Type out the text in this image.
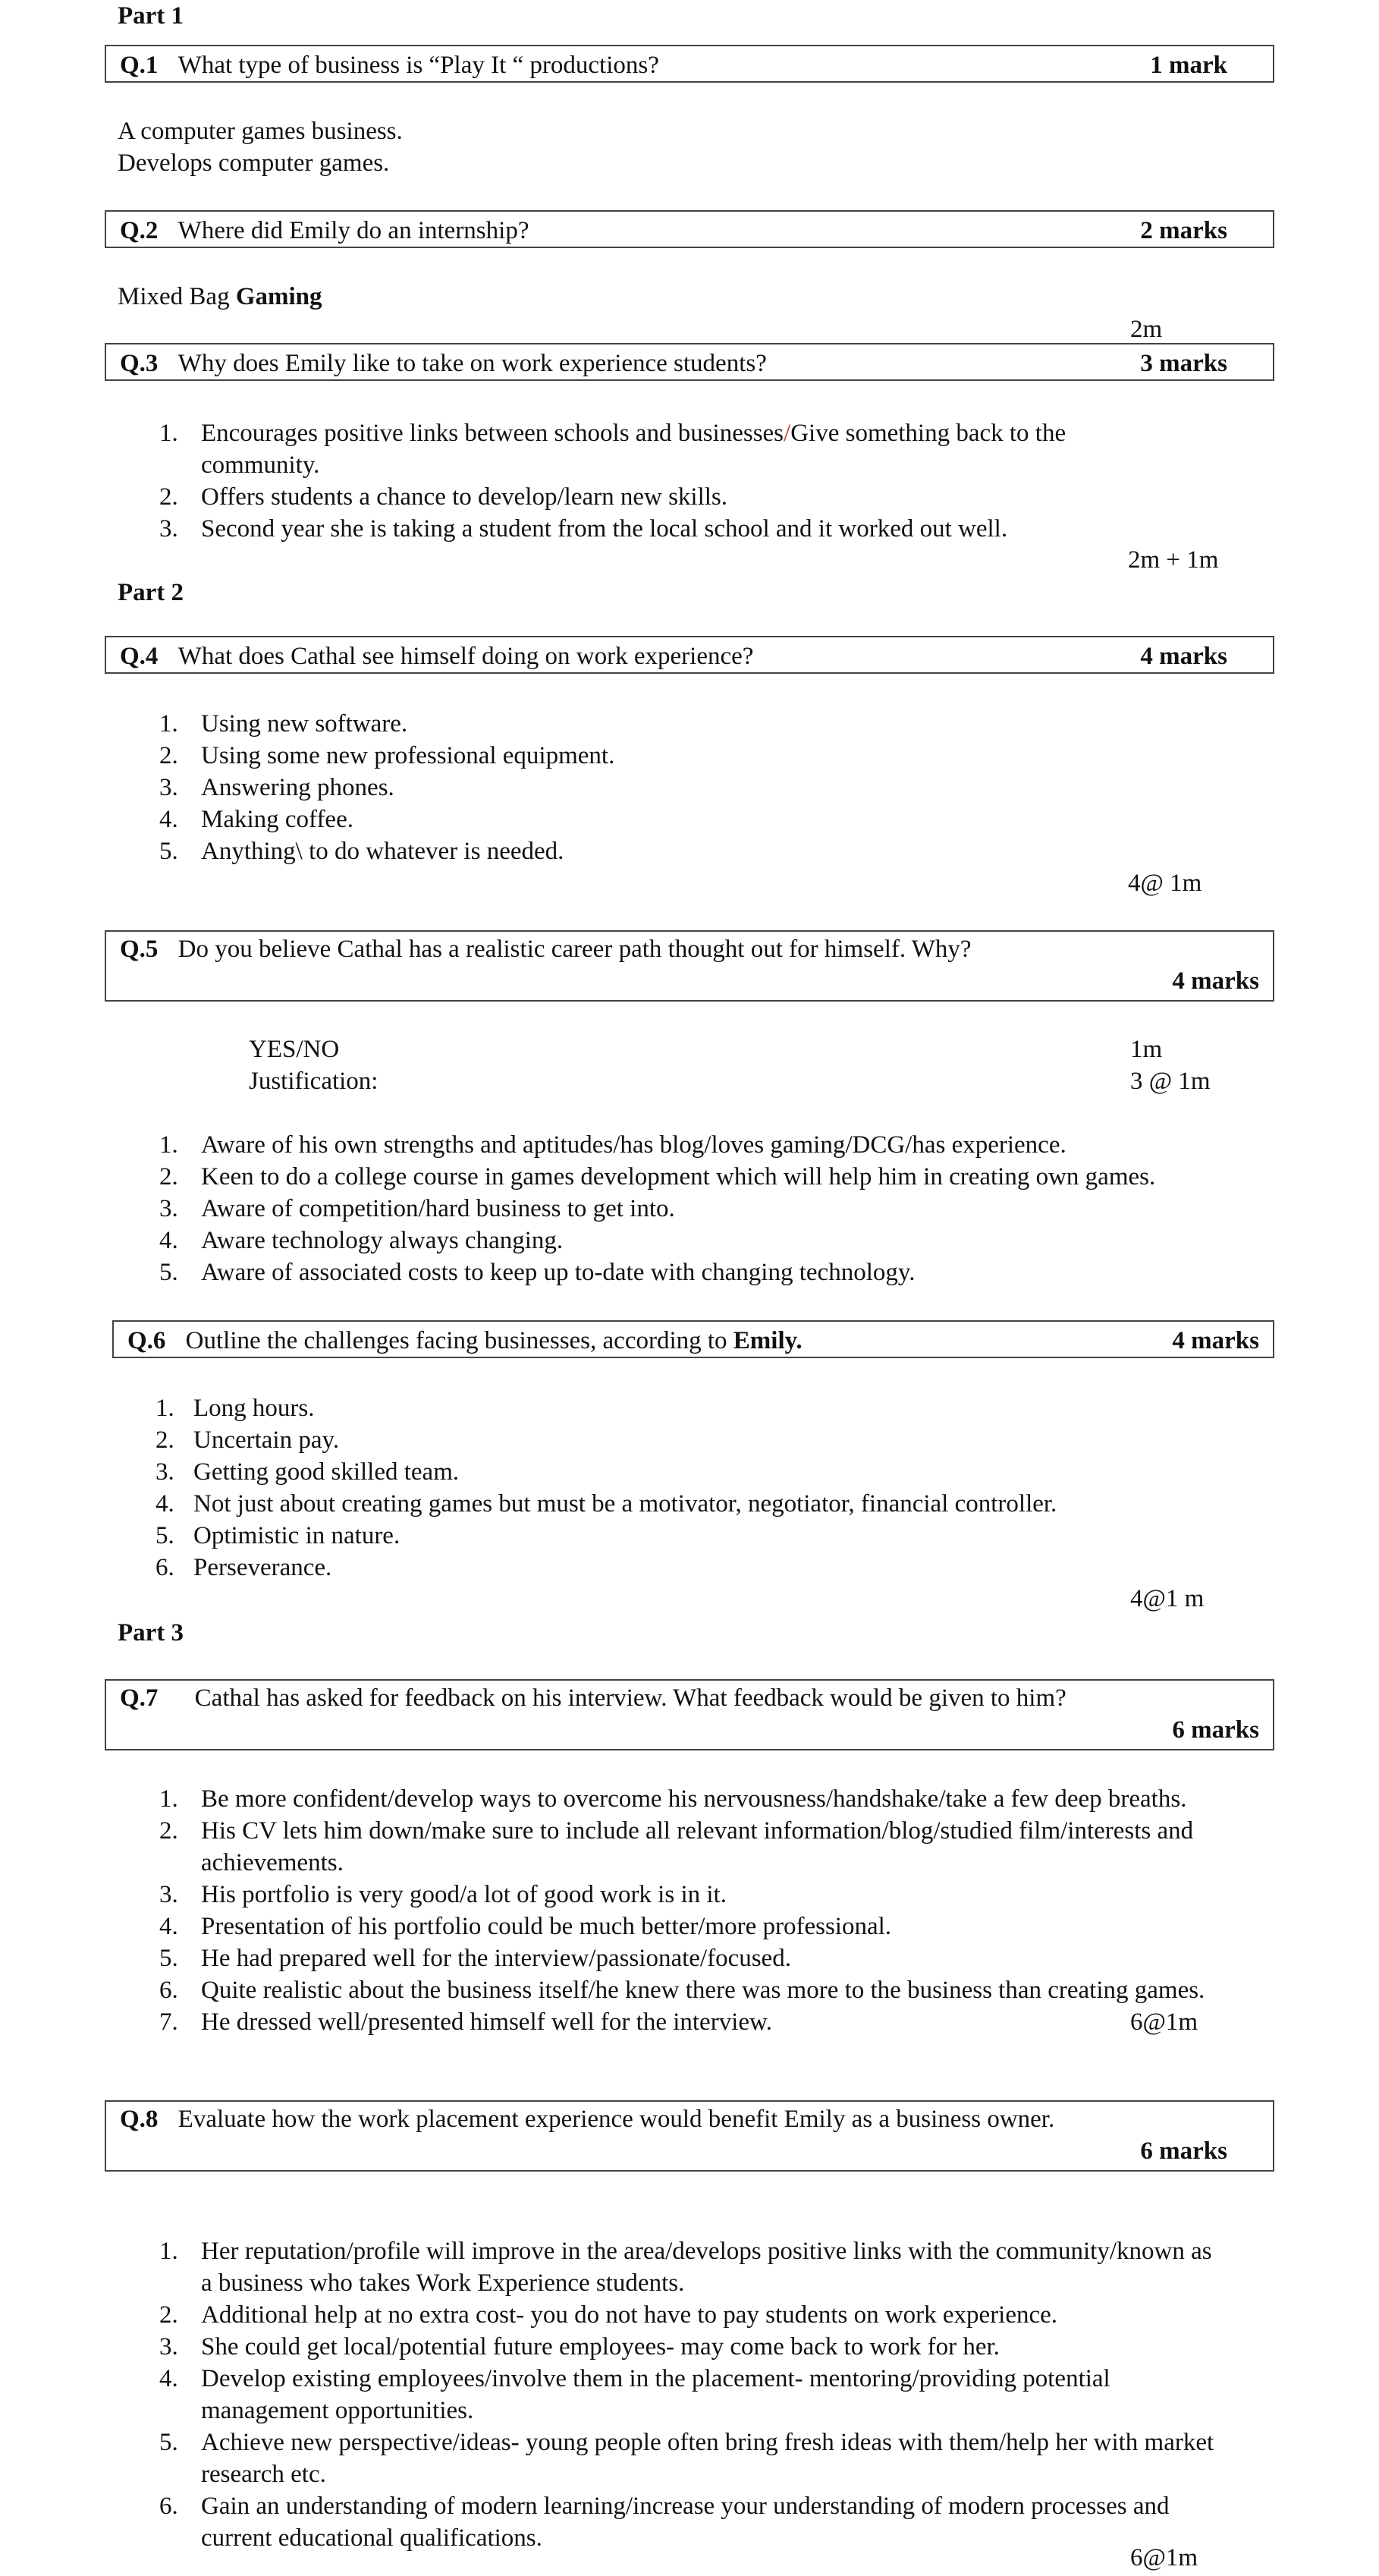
Part 1
Q.1 What type of business is “Play It “ productions?	1 mark
A computer games business.
Develops computer games.
Q.2 Where did Emily do an internship?	2 marks
Mixed Bag Gaming
2m
Q.3 Why does Emily like to take on work experience students?	3 marks
1. Encourages positive links between schools and businesses/Give something back to the
community.
2. Offers students a chance to develop/learn new skills.
3. Second year she is taking a student from the local school and it worked out well.
2m + 1m
Part 2
Q.4 What does Cathal see himself doing on work experience?	4 marks
1. Using new software.
2. Using some new professional equipment.
3. Answering phones.
4. Making coffee.
5. Anything\ to do whatever is needed.
4@ 1m
Q.5 Do you believe Cathal has a realistic career path thought out for himself. Why?
4 marks
YES/NO	1m
Justification:	3 @ 1m
1. Aware of his own strengths and aptitudes/has blog/loves gaming/DCG/has experience.
2. Keen to do a college course in games development which will help him in creating own games.
3. Aware of competition/hard business to get into.
4. Aware technology always changing.
5. Aware of associated costs to keep up to-date with changing technology.
Q.6 Outline the challenges facing businesses, according to Emily.	4 marks
1. Long hours.
2. Uncertain pay.
3. Getting good skilled team.
4. Not just about creating games but must be a motivator, negotiator, financial controller.
5. Optimistic in nature.
6. Perseverance.
4@1 m
Part 3
Q.7 Cathal has asked for feedback on his interview. What feedback would be given to him?
6 marks
1. Be more confident/develop ways to overcome his nervousness/handshake/take a few deep breaths.
2. His CV lets him down/make sure to include all relevant information/blog/studied film/interests and
achievements.
3. His portfolio is very good/a lot of good work is in it.
4. Presentation of his portfolio could be much better/more professional.
5. He had prepared well for the interview/passionate/focused.
6. Quite realistic about the business itself/he knew there was more to the business than creating games.
7. He dressed well/presented himself well for the interview.	6@1m
Q.8 Evaluate how the work placement experience would benefit Emily as a business owner.
6 marks
1. Her reputation/profile will improve in the area/develops positive links with the community/known as
a business who takes Work Experience students.
2. Additional help at no extra cost- you do not have to pay students on work experience.
3. She could get local/potential future employees- may come back to work for her.
4. Develop existing employees/involve them in the placement- mentoring/providing potential
management opportunities.
5. Achieve new perspective/ideas- young people often bring fresh ideas with them/help her with market
research etc.
6. Gain an understanding of modern learning/increase your understanding of modern processes and
current educational qualifications.
6@1m
